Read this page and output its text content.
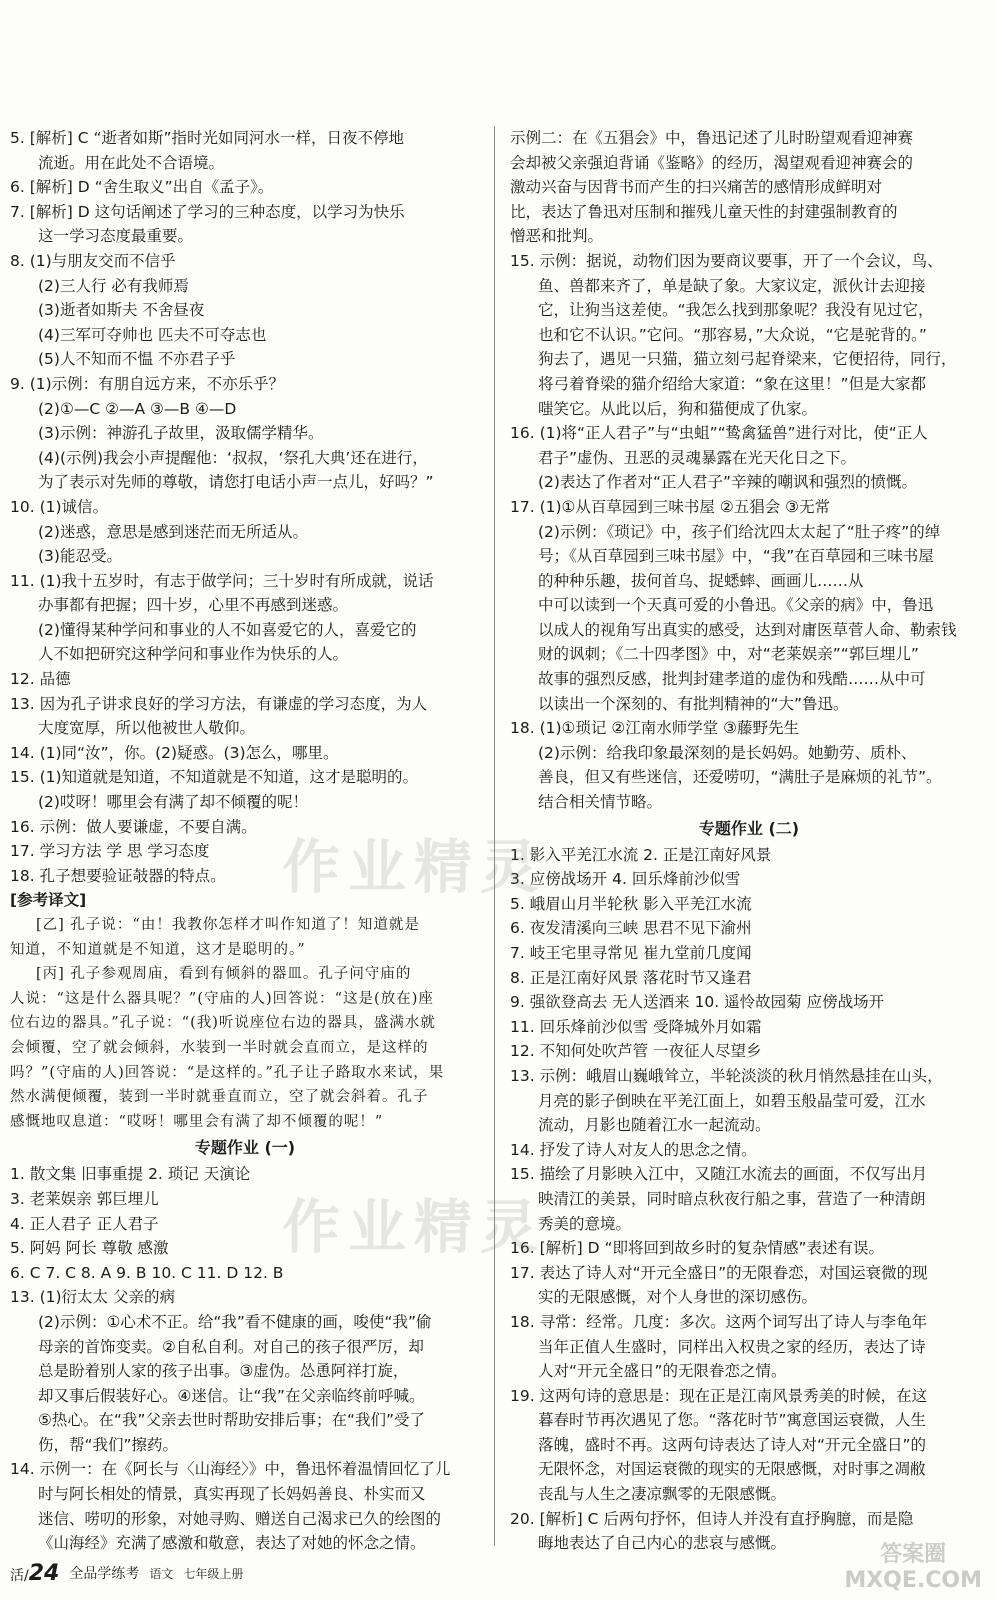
5. [解析] C “逝者如斯”指时光如同河水一样，日夜不停地
流逝。用在此处不合语境。
6. [解析] D “舍生取义”出自《孟子》。
7. [解析] D 这句话阐述了学习的三种态度，以学习为快乐
这一学习态度最重要。
8. (1)与朋友交而不信乎
(2)三人行 必有我师焉
(3)逝者如斯夫 不舍昼夜
(4)三军可夺帅也 匹夫不可夺志也
(5)人不知而不愠 不亦君子乎
9. (1)示例：有朋自远方来，不亦乐乎？
(2)①—C ②—A ③—B ④—D
(3)示例：神游孔子故里，汲取儒学精华。
(4)(示例)我会小声提醒他：‘叔叔，‘祭孔大典’还在进行，
为了表示对先师的尊敬，请您打电话小声一点儿，好吗？”
10. (1)诚信。
(2)迷惑，意思是感到迷茫而无所适从。
(3)能忍受。
11. (1)我十五岁时，有志于做学问；三十岁时有所成就，说话
办事都有把握；四十岁，心里不再感到迷惑。
(2)懂得某种学问和事业的人不如喜爱它的人，喜爱它的
人不如把研究这种学问和事业作为快乐的人。
12. 品德
13. 因为孔子讲求良好的学习方法，有谦虚的学习态度，为人
大度宽厚，所以他被世人敬仰。
14. (1)同“汝”，你。(2)疑惑。(3)怎么，哪里。
15. (1)知道就是知道，不知道就是不知道，这才是聪明的。
(2)哎呀！哪里会有满了却不倾覆的呢！
16. 示例：做人要谦虚，不要自满。
17. 学习方法 学 思 学习态度
18. 孔子想要验证攲器的特点。
[参考译文]
[乙] 孔子说：“由！我教你怎样才叫作知道了！知道就是
知道，不知道就是不知道，这才是聪明的。”
[丙] 孔子参观周庙，看到有倾斜的器皿。孔子问守庙的
人说：“这是什么器具呢？”(守庙的人)回答说：“这是(放在)座
位右边的器具。”孔子说：“(我)听说座位右边的器具，盛满水就
会倾覆，空了就会倾斜，水装到一半时就会直而立，是这样的
吗？”(守庙的人)回答说：“是这样的。”孔子让子路取水来试，果
然水满便倾覆，装到一半时就垂直而立，空了就会斜着。孔子
感慨地叹息道：“哎呀！哪里会有满了却不倾覆的呢！”
专题作业 (一)
1. 散文集 旧事重提 2. 琐记 天演论
3. 老莱娱亲 郭巨埋儿
4. 正人君子 正人君子
5. 阿妈 阿长 尊敬 感激
6. C 7. C 8. A 9. B 10. C 11. D 12. B
13. (1)衍太太 父亲的病
(2)示例：①心术不正。给“我”看不健康的画，唆使“我”偷
母亲的首饰变卖。②自私自利。对自己的孩子很严厉，却
总是盼着别人家的孩子出事。③虚伪。怂恿阿祥打旋，
却又事后假装好心。④迷信。让“我”在父亲临终前呼喊。
⑤热心。在“我”父亲去世时帮助安排后事；在“我们”受了
伤，帮“我们”擦药。
14. 示例一：在《阿长与〈山海经〉》中，鲁迅怀着温情回忆了儿
时与阿长相处的情景，真实再现了长妈妈善良、朴实而又
迷信、唠叨的形象，对她寻购、赠送自己渴求已久的绘图的
《山海经》充满了感激和敬意，表达了对她的怀念之情。
示例二：在《五猖会》中，鲁迅记述了儿时盼望观看迎神赛
会却被父亲强迫背诵《鉴略》的经历，渴望观看迎神赛会的
激动兴奋与因背书而产生的扫兴痛苦的感情形成鲜明对
比，表达了鲁迅对压制和摧残儿童天性的封建强制教育的
憎恶和批判。
15. 示例：据说，动物们因为要商议要事，开了一个会议，鸟、
鱼、兽都来齐了，单是缺了象。大家议定，派伙计去迎接
它，让狗当这差使。“我怎么找到那象呢？我没有见过它，
也和它不认识。”它问。“那容易，”大众说，“它是驼背的。”
狗去了，遇见一只猫，猫立刻弓起脊梁来，它便招待，同行，
将弓着脊梁的猫介绍给大家道：“象在这里！”但是大家都
嗤笑它。从此以后，狗和猫便成了仇家。
16. (1)将“正人君子”与“虫蛆”“鸷禽猛兽”进行对比，使“正人
君子”虚伪、丑恶的灵魂暴露在光天化日之下。
(2)表达了作者对“正人君子”辛辣的嘲讽和强烈的愤慨。
17. (1)①从百草园到三味书屋 ②五猖会 ③无常
(2)示例：《琐记》中，孩子们给沈四太太起了“肚子疼”的绰
号；《从百草园到三味书屋》中，“我”在百草园和三味书屋
的种种乐趣，拔何首乌、捉蟋蟀、画画儿……从
中可以读到一个天真可爱的小鲁迅。《父亲的病》中，鲁迅
以成人的视角写出真实的感受，达到对庸医草菅人命、勒索钱
财的讽刺；《二十四孝图》中，对“老莱娱亲”“郭巨埋儿”
故事的强烈反感，批判封建孝道的虚伪和残酷……从中可
以读出一个深刻的、有批判精神的“大”鲁迅。
18. (1)①琐记 ②江南水师学堂 ③藤野先生
(2)示例：给我印象最深刻的是长妈妈。她勤劳、质朴、
善良，但又有些迷信，还爱唠叨，“满肚子是麻烦的礼节”。
结合相关情节略。
专题作业 (二)
1. 影入平羌江水流 2. 正是江南好风景
3. 应傍战场开 4. 回乐烽前沙似雪
5. 峨眉山月半轮秋 影入平羌江水流
6. 夜发清溪向三峡 思君不见下渝州
7. 岐王宅里寻常见 崔九堂前几度闻
8. 正是江南好风景 落花时节又逢君
9. 强欲登高去 无人送酒来 10. 遥怜故园菊 应傍战场开
11. 回乐烽前沙似雪 受降城外月如霜
12. 不知何处吹芦管 一夜征人尽望乡
13. 示例：峨眉山巍峨耸立，半轮淡淡的秋月悄然悬挂在山头，
月亮的影子倒映在平羌江面上，如碧玉般晶莹可爱，江水
流动，月影也随着江水一起流动。
14. 抒发了诗人对友人的思念之情。
15. 描绘了月影映入江中，又随江水流去的画面，不仅写出月
映清江的美景，同时暗点秋夜行船之事，营造了一种清朗
秀美的意境。
16. [解析] D “即将回到故乡时的复杂情感”表述有误。
17. 表达了诗人对“开元全盛日”的无限眷恋，对国运衰微的现
实的无限感慨，对个人身世的深切感伤。
18. 寻常：经常。几度：多次。这两个词写出了诗人与李龟年
当年正值人生盛时，同样出入权贵之家的经历，表达了诗
人对“开元全盛日”的无限眷恋之情。
19. 这两句诗的意思是：现在正是江南风景秀美的时候，在这
暮春时节再次遇见了您。“落花时节”寓意国运衰微，人生
落魄，盛时不再。这两句诗表达了诗人对“开元全盛日”的
无限怀念，对国运衰微的现实的无限感慨，对时事之凋敝
丧乱与人生之凄凉飘零的无限感慨。
20. [解析] C 后两句抒怀，但诗人并没有直抒胸臆，而是隐
晦地表达了自己内心的悲哀与感慨。
作业精灵
作业精灵
答案圈
MXQE.COM
活/24 全品学练考 语文 七年级上册
